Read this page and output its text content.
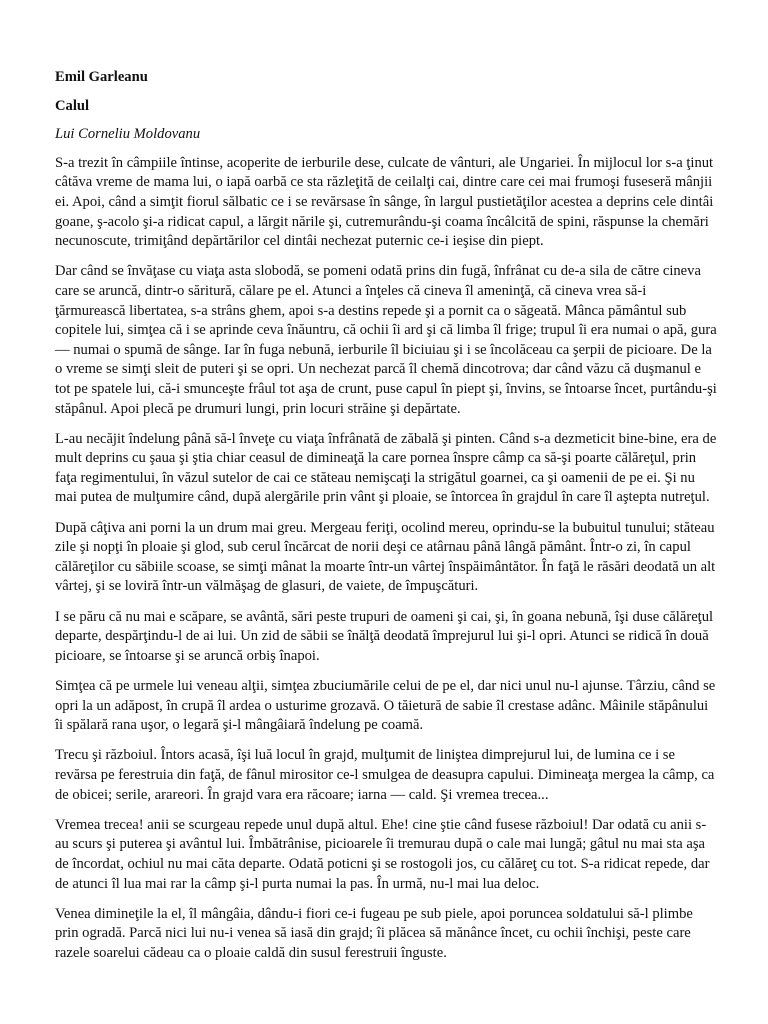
Emil Garleanu
Calul
Lui Corneliu Moldovanu

S-a trezit în câmpiile întinse, acoperite de ierburile dese, culcate de vânturi, ale Ungariei. În mijlocul lor s-a ţinut câtăva vreme de mama lui, o iapă oarbă ce sta răzleţită de ceilalţi cai, dintre care cei mai frumoşi fuseseră mânjii ei. Apoi, când a simţit fiorul sălbatic ce i se revărsase în sânge, în largul pustietăţilor acestea a deprins cele dintâi goane, ş-acolo şi-a ridicat capul, a lărgit nările şi, cutremurându-şi coama încâlcită de spini, răspunse la chemări necunoscute, trimiţând depărtărilor cel dintâi nechezat puternic ce-i ieşise din piept.

Dar când se învăţase cu viaţa asta slobodă, se pomeni odată prins din fugă, înfrânat cu de-a sila de către cineva care se aruncă, dintr-o săritură, călare pe el. Atunci a înţeles că cineva îl ameninţă, că cineva vrea să-i ţărmurească libertatea, s-a strâns ghem, apoi s-a destins repede şi a pornit ca o săgeată. Mânca pământul sub copitele lui, simţea că i se aprinde ceva înăuntru, că ochii îi ard şi că limba îl frige; trupul îi era numai o apă, gura — numai o spumă de sânge. Iar în fuga nebună, ierburile îl biciuiau şi i se încolăceau ca şerpii de picioare. De la o vreme se simţi sleit de puteri şi se opri. Un nechezat parcă îl chemă dincotrova; dar când văzu că duşmanul e tot pe spatele lui, că-i smunceşte frâul tot aşa de crunt, puse capul în piept şi, învins, se întoarse încet, purtându-şi stăpânul. Apoi plecă pe drumuri lungi, prin locuri străine şi depărtate.

L-au necăjit îndelung până să-l înveţe cu viaţa înfrânată de zăbală şi pinten. Când s-a dezmeticit bine-bine, era de mult deprins cu şaua şi ştia chiar ceasul de dimineaţă la care pornea înspre câmp ca să-şi poarte călăreţul, prin faţa regimentului, în văzul sutelor de cai ce stăteau nemişcaţi la strigătul goarnei, ca şi oamenii de pe ei. Şi nu mai putea de mulţumire când, după alergările prin vânt şi ploaie, se întorcea în grajdul în care îl aştepta nutreţul.

După câţiva ani porni la un drum mai greu. Mergeau feriţi, ocolind mereu, oprindu-se la bubuitul tunului; stăteau zile şi nopţi în ploaie şi glod, sub cerul încărcat de norii deşi ce atârnau până lângă pământ. Într-o zi, în capul călăreţilor cu săbiile scoase, se simţi mânat la moarte într-un vârtej înspăimântător. În faţă le răsări deodată un alt vârtej, şi se loviră într-un vălmăşag de glasuri, de vaiete, de împuşcături.

I se păru că nu mai e scăpare, se avântă, sări peste trupuri de oameni şi cai, şi, în goana nebună, îşi duse călăreţul departe, despărţindu-l de ai lui. Un zid de săbii se înălţă deodată împrejurul lui şi-l opri. Atunci se ridică în două picioare, se întoarse şi se aruncă orbiş înapoi.

Simţea că pe urmele lui veneau alţii, simţea zbuciumările celui de pe el, dar nici unul nu-l ajunse. Târziu, când se opri la un adăpost, în crupă îl ardea o usturime grozavă. O tăietură de sabie îl crestase adânc. Mâinile stăpânului îi spălară rana uşor, o legară şi-l mângâiară îndelung pe coamă.

Trecu şi războiul. Întors acasă, îşi luă locul în grajd, mulţumit de liniştea dimprejurul lui, de lumina ce i se revărsa pe ferestruia din faţă, de fânul mirositor ce-l smulgea de deasupra capului. Dimineaţa mergea la câmp, ca de obicei; serile, arareori. În grajd vara era răcoare; iarna — cald. Şi vremea trecea...

Vremea trecea! anii se scurgeau repede unul după altul. Ehe! cine ştie când fusese războiul! Dar odată cu anii s-au scurs şi puterea şi avântul lui. Îmbătrânise, picioarele îi tremurau după o cale mai lungă; gâtul nu mai sta aşa de încordat, ochiul nu mai căta departe. Odată poticni şi se rostogoli jos, cu călăreţ cu tot. S-a ridicat repede, dar de atunci îl lua mai rar la câmp şi-l purta numai la pas. În urmă, nu-l mai lua deloc.

Venea dimineţile la el, îl mângâia, dându-i fiori ce-i fugeau pe sub piele, apoi poruncea soldatului să-l plimbe prin ogradă. Parcă nici lui nu-i venea să iasă din grajd; îi plăcea să mănânce încet, cu ochii închişi, peste care razele soarelui cădeau ca o ploaie caldă din susul ferestruii înguste.
